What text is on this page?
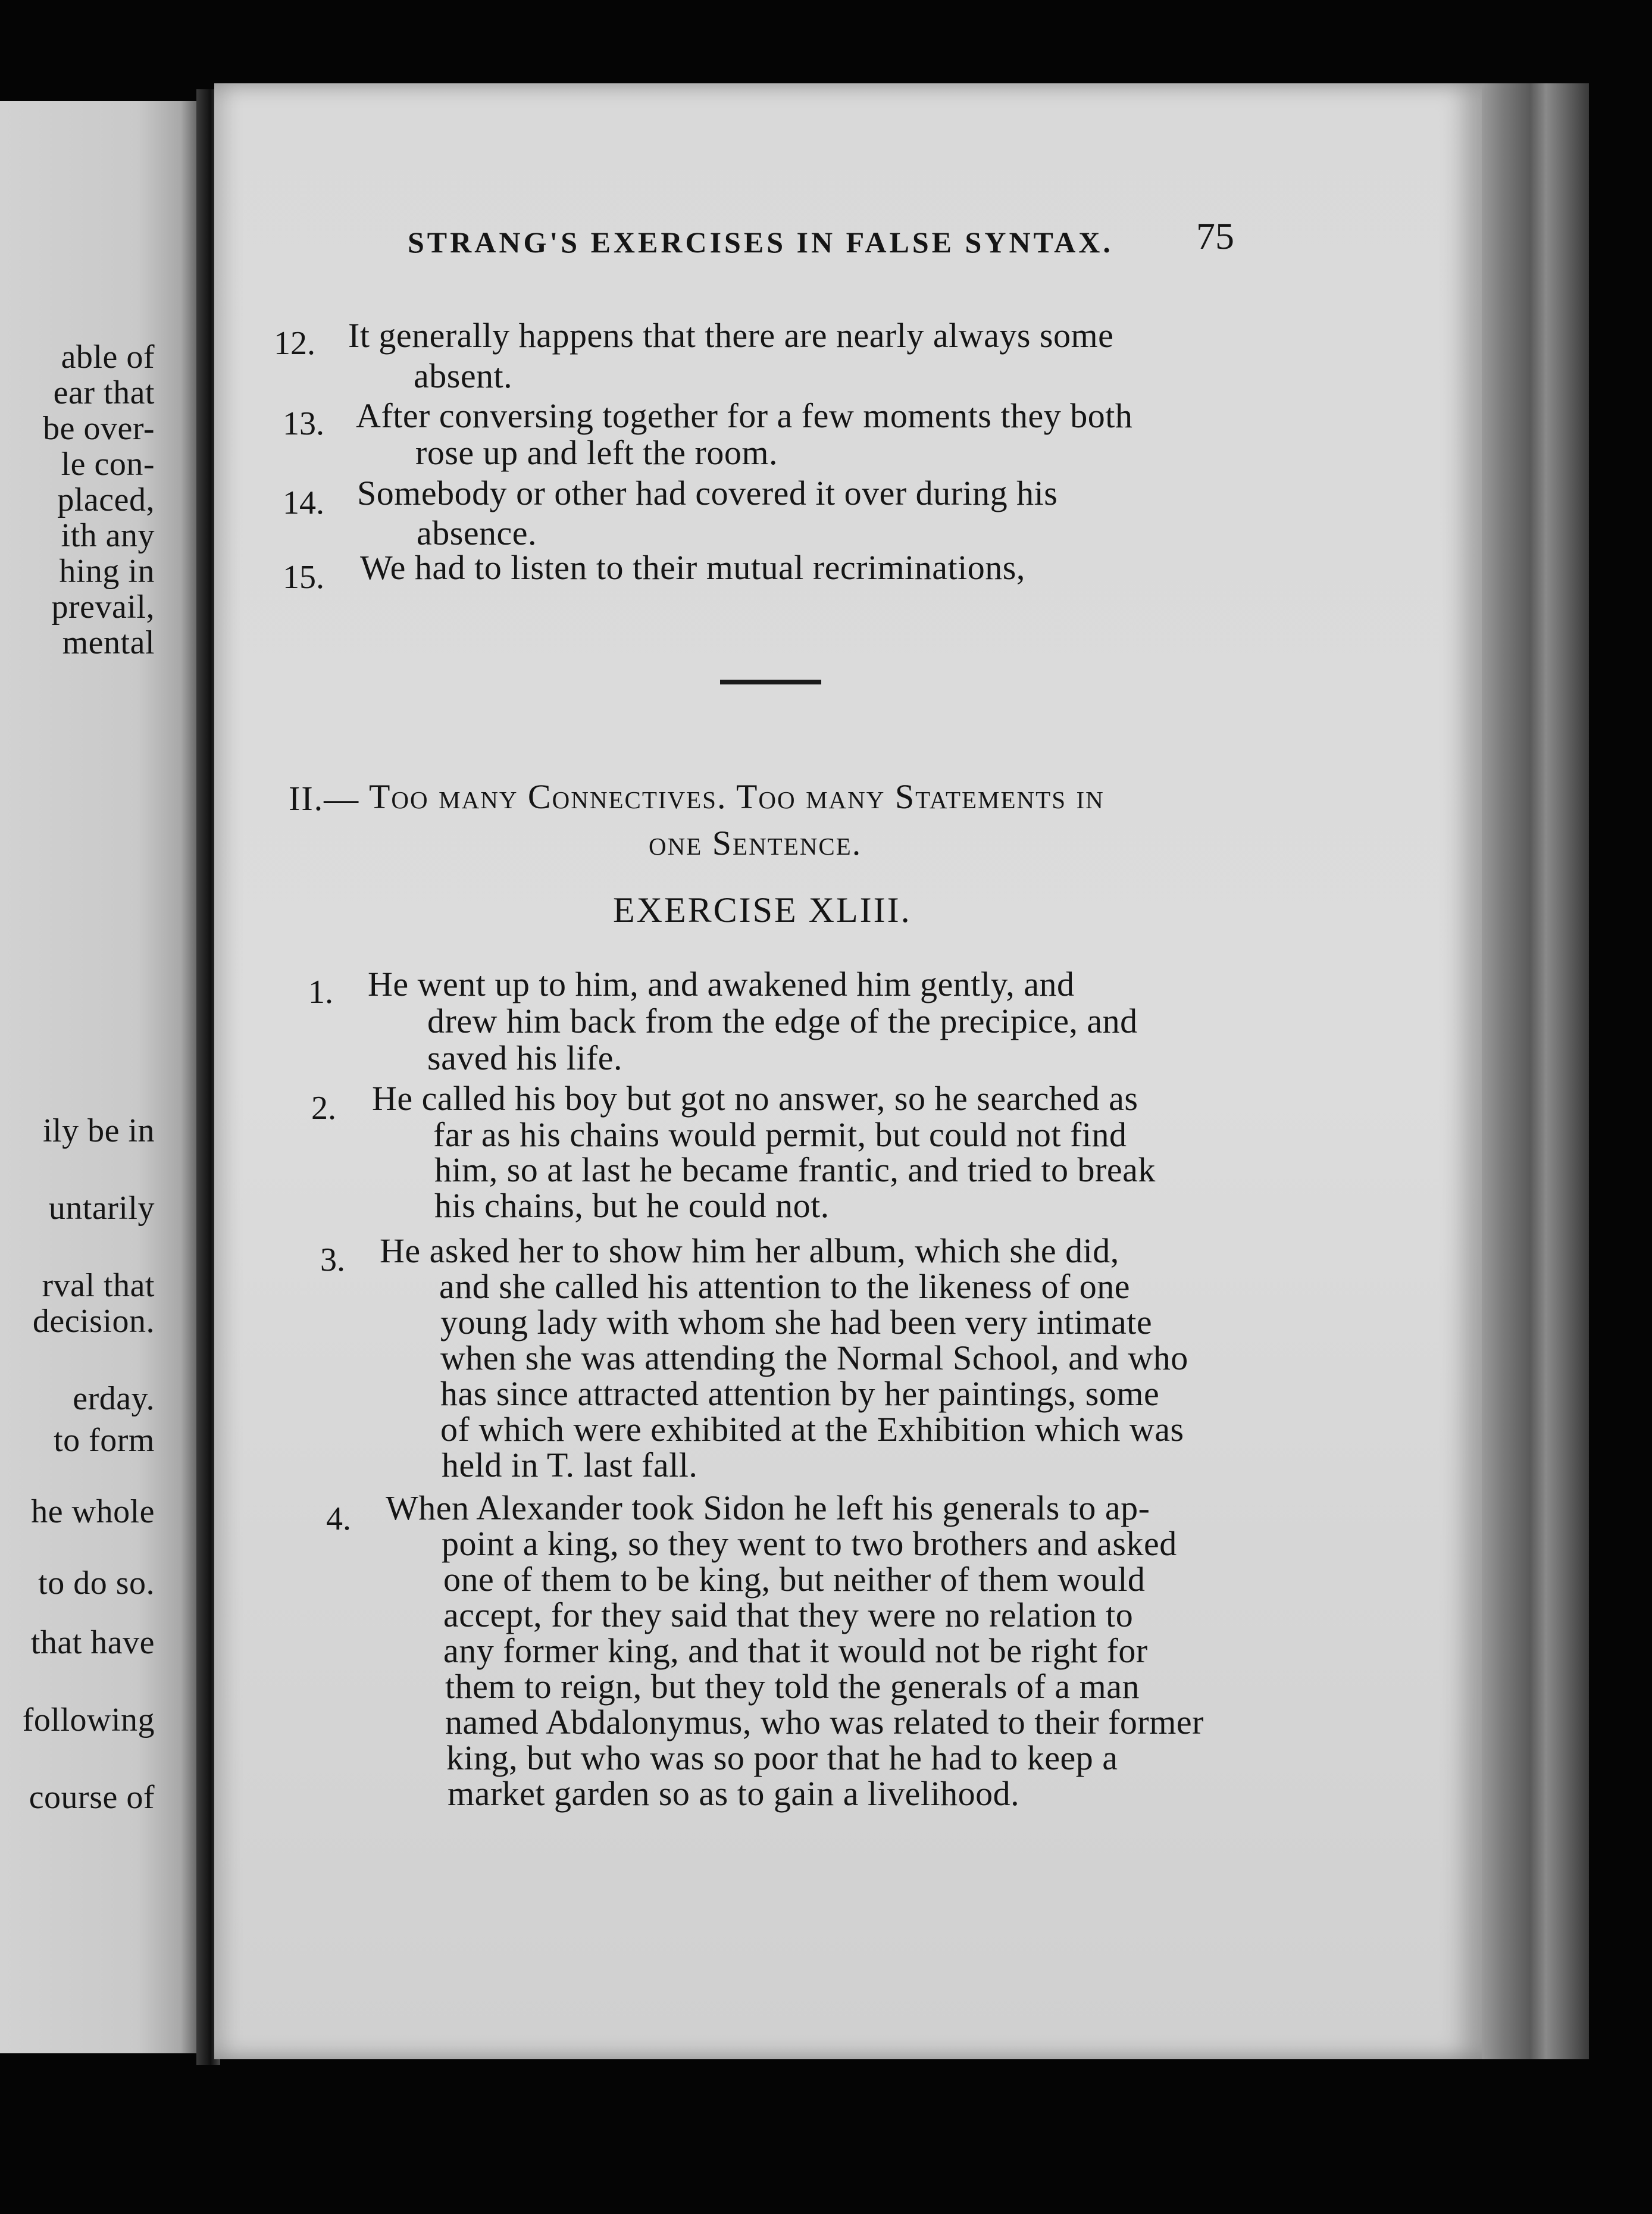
able of
ear that
be over-
le con-
placed,
ith any
hing in
prevail,
mental
ily be in
untarily
rval that
decision.
erday.
to form
he whole
to do so.
that have
following
course of
STRANG'S EXERCISES IN FALSE SYNTAX. 75
12. It generally happens that there are nearly always some
absent.
13. After conversing together for a few moments they both
rose up and left the room.
14. Somebody or other had covered it over during his
absence.
15. We had to listen to their mutual recriminations,
II.— Too many Connectives. Too many Statements in
one Sentence.
EXERCISE XLIII.
1. He went up to him, and awakened him gently, and
drew him back from the edge of the precipice, and
saved his life.
2. He called his boy but got no answer, so he searched as
far as his chains would permit, but could not find
him, so at last he became frantic, and tried to break
his chains, but he could not.
3. He asked her to show him her album, which she did,
and she called his attention to the likeness of one
young lady with whom she had been very intimate
when she was attending the Normal School, and who
has since attracted attention by her paintings, some
of which were exhibited at the Exhibition which was
held in T. last fall.
4. When Alexander took Sidon he left his generals to ap-
point a king, so they went to two brothers and asked
one of them to be king, but neither of them would
accept, for they said that they were no relation to
any former king, and that it would not be right for
them to reign, but they told the generals of a man
named Abdalonymus, who was related to their former
king, but who was so poor that he had to keep a
market garden so as to gain a livelihood.
